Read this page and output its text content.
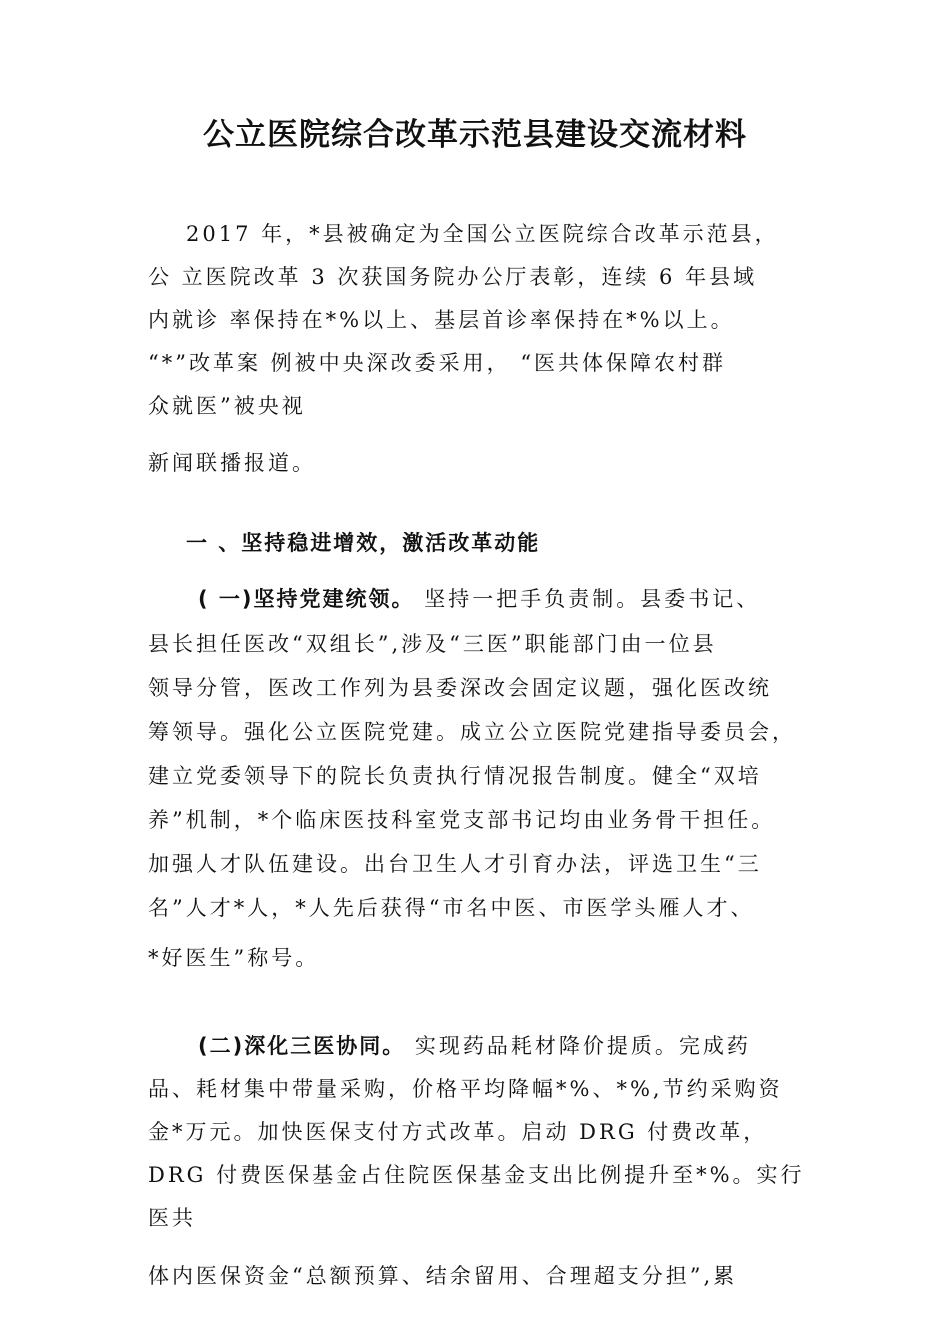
公立医院综合改革示范县建设交流材料
2017 年，*县被确定为全国公立医院综合改革示范县，
公 立医院改革 3 次获国务院办公厅表彰，连续 6 年县域
内就诊 率保持在*%以上、基层首诊率保持在*%以上。
“*”改革案 例被中央深改委采用， “医共体保障农村群
众就医”被央视
新闻联播报道。
一 、坚持稳进增效，激活改革动能
( 一)坚持党建统领。 坚持一把手负责制。县委书记、
县长担任医改“双组长”,涉及“三医”职能部门由一位县
领导分管，医改工作列为县委深改会固定议题，强化医改统
筹领导。强化公立医院党建。成立公立医院党建指导委员会，
建立党委领导下的院长负责执行情况报告制度。健全“双培
养”机制，*个临床医技科室党支部书记均由业务骨干担任。
加强人才队伍建设。出台卫生人才引育办法，评选卫生“三
名”人才*人，*人先后获得“市名中医、市医学头雁人才、
*好医生”称号。
(二)深化三医协同。 实现药品耗材降价提质。完成药
品、耗材集中带量采购，价格平均降幅*%、*%,节约采购资
金*万元。加快医保支付方式改革。启动 DRG 付费改革，
DRG 付费医保基金占住院医保基金支出比例提升至*%。实行
医共
体内医保资金“总额预算、结余留用、合理超支分担”,累
